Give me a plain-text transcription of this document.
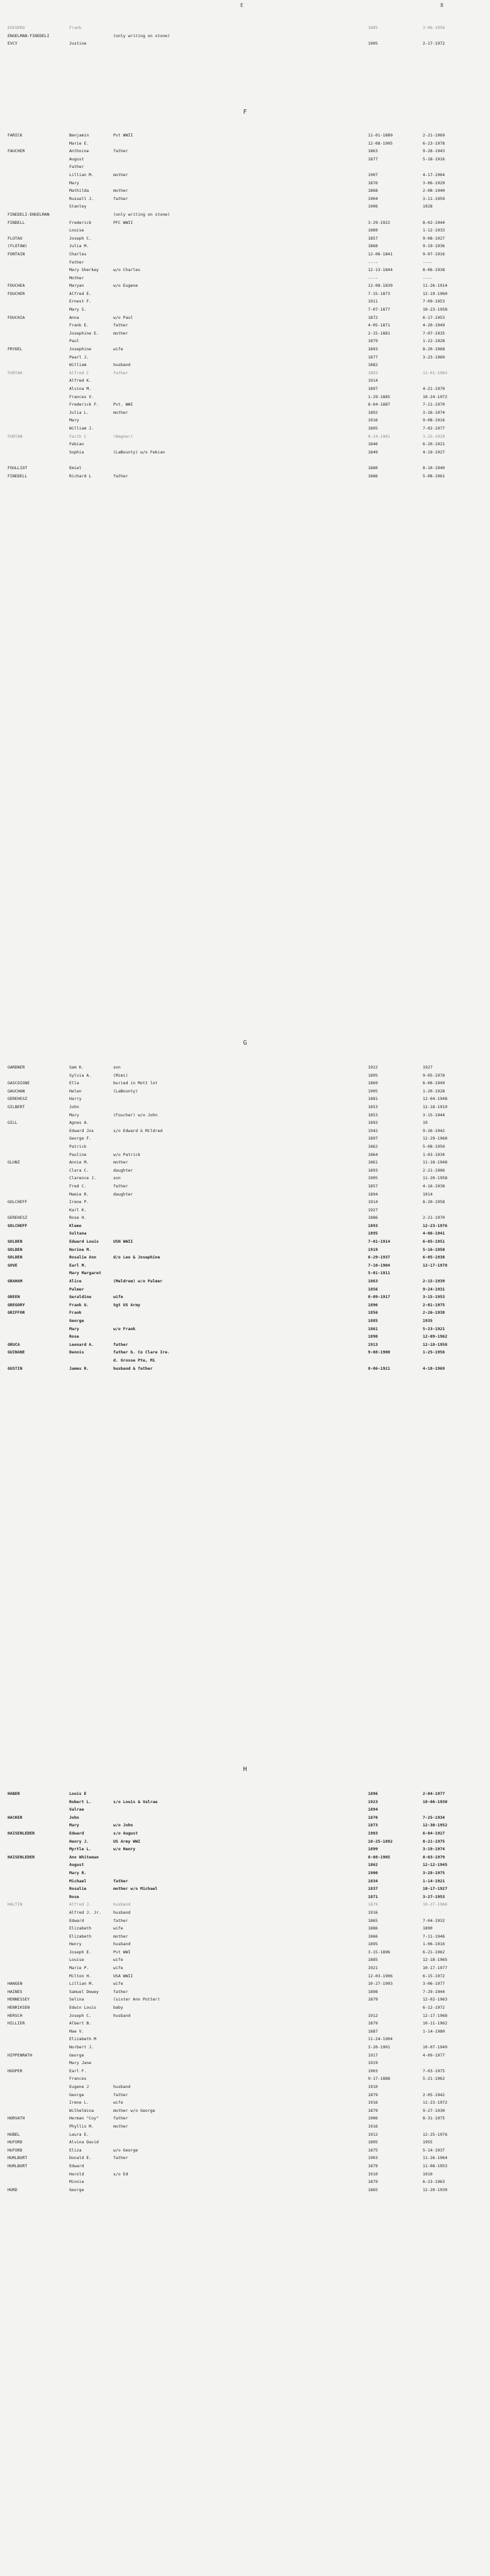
E	8
EGESKRO	Frank	1885	3-06-1958
ENGELMAN-FINEDELI	(only writing on stone)
EVCY	Justine	1905	2-17-1972
F
FARICK	Benjamin	Pvt WWII	11-01-1889	2-21-1969
Marie E.	12-08-1905	6-23-1978
FAUCHER	Anthoine	father	1863	9-28-1943
August	1877	5-18-1916
Father
Lillian M.	mother	1907	4-17-1964
Mary	1876	3-06-1929
Mathilda	mother	1868	2-08-1940
Russell J.	father	1904	3-11-1959
Stanley	1906	1928
FINEDELI-ENGELMAN	(only writing on stone)
FINDELL	Frederick	PFC WWII	3-29-1922	8-02-1944
Louise	1889	1-12-1933
FLOTAU	Joseph C.	1857	9-08-1927
(FLOTAW)	Julia M.	1868	9-19-1936
FONTAIN	Charles	12-06-1841	9-07-1916
Father	----	----
Mary Sherkey	w/o Charles	12-13-1844	8-06-1938
Mother	----	----
FOUCHEA	Maryan	w/o Eugene	12-08-1839	11-26-1914
FOUCHER	Alfred E.	7-15-1873	12-19-1960
Ernest F.	1911	7-09-1953
Mary S.	7-07-1877	10-23-1958
FOUCHIA	Anna	w/o Paul	1872	6-17-1953
Frank E.	father	4-05-1871	4-20-1949
Josephine E.	mother	2-15-1881	7-07-1935
Paul	1879	1-22-1928
FRYDEL	Josephine	wife	1893	8-20-1968
Pearl J.	1877	3-23-1960
William	husband	1882
FURTAH	Alfred C	father	1893	11-01-1963
Alfred K.	1914
Alvina M.	1897	4-21-1970
Frances V.	1-29-1885	10-24-1972
Frederick F.	Pvt. WWI	8-04-1887	7-11-1970
Julia L.	mother	1892	3-26-1974
Mary	1916	9-08-1916
William J.	1895	7-02-1977
FURTAN	Faith C	(Wagner)	8-24-1901	3-25-1929
Febian	1846	6-20-1921
Sophia	(LaBounty) w/o Febian	1849	4-19-1927
FOULLIOT	Emiel	1880	8-10-1940
FINEDELL	Richard L	father	1886	5-08-1961
G
GARDNER	Sam K.	son	1922	1927
Sylvia A.	(Mimi)	1895	9-05-1978
GASCOIGNE	Ella	buried in Mott lot	1869	6-06-1949
GAUCHAN	Helen	(LaBounty)	1905	1-20-1928
GEREHESZ	Harry	1881	12-04-1948
GILBERT	John	1853	12-18-1919
Mary	(Foucher) w/o John	1853	3-15-1944
GILL	Agnes A.	1893	19
Edward Jos	s/o Edward & Mildred	1942	9-26-1942
George F.	1897	12-29-1968
Patrick	1862	5-08-1950
Pauline	w/o Patrick	1864	1-03-1934
GLUNZ	Annie M.	mother	1861	11-18-1948
Clara C.	daughter	1893	2-21-1906
Clarence J.	son	1905	11-20-1958
Fred C.	father	1857	4-16-1938
Mamie R.	daughter	1894	1914
GOLCHEFF	Irene P.	1914	8-20-1958
Karl K.	1927
GEREHESZ	Rose H.	1886	2-21-1970
GOLCHEFF	Klemo	1893	12-23-1976
Sultana	1895	4-06-1941
GOLDEN	Edward Louis	USN WWII	7-01-1914	6-05-1951
GOLDEN	Norine M.	1919	5-16-1950
GOLDEN	Rosalie Ann	d/o Leo & Josephine	6-29-1937	6-05-1938
GOVE	Earl M.	7-10-1904	12-17-1978
Mary Margaret	5-01-1911
GRAHAM	Alice	(Meldrum) w/o Palmer	1863	2-15-1939
Palmer	1856	9-24-1931
GREEN	Geraldine	wife	8-09-1917	3-15-1953
GREGORY	Frank U.	Sgt US Army	1896	2-01-1975
GRIFFOR	Frank	1856	2-26-1938
George	1885	1935
Mary	w/o Frank	1861	5-23-1921
Rose	1890	12-09-1962
GRUCA	Leonard A.	father	1913	12-18-1958
GUINANE	Dennis	father b. Co Clare Ire.	9-08-1900	1-25-1956
d. Grosse Pte, Mi
GUSTIN	James R.	husband & father	8-06-1921	4-18-1969
H
HABER	Louis E	1896	2-04-1977
Robert L.	s/o Louis & Valrae	1923	10-06-1930
Valrae	1894
HACKER	John	1870	7-25-1934
Mary	w/o John	1873	12-30-1952
HAISENLEDER	Edward	s/o August	1903	6-04-1927
Henry J.	US Army WWI	10-25-1892	8-21-1975
Myrtle L.	w/o Henry	1899	3-19-1974
HAISENLEDER	Ann Whiteman	8-08-1905	8-03-1979
August	1862	12-12-1945
Mary R.	1900	3-28-1975
Michael	father	1834	1-14-1921
Rosalie	mother w/o Michael	1837	10-17-1927
Rose	1871	3-27-1953
HALTIN	Alfred J.	husband	1879	10-27-1966
Alfred J. Jr.	husband	1916
Edward	father	1865	7-04-1932
Elizabeth	wife	1886	1890
Elizabeth	mother	1866	7-11-1946
Henry	husband	1895	1-06-1916
Joseph E.	Pvt WWI	3-15-1896	6-21-1962
Louise	wife	1885	12-18-1965
Marie P.	wife	1921	10-17-1977
Milton H.	USA WWII	12-03-1906	6-15-1972
HANGEN	Lillian M.	wife	10-27-1903	3-06-1977
HAINES	Samuel Dewey	father	1898	7-29-1944
HENNESSEY	Selina	(sister Ann Potter)	1879	12-02-1963
HENRIKSEN	Edwin Louis	baby	6-12-1972
HERSCH	Joseph C.	husband	1912	12-17-1968
HILLIER	Albert B.	1879	10-11-1962
Mae V.	1887	1-14-1980
Elizabeth M	11-24-1904
Norbert J.	3-20-1901	10-07-1949
HIPPENRATH	George	1917	4-09-1977
Mary Jane	1919
HOOPER	Earl F.	1903	7-03-1975
Frances	9-17-1888	5-21-1962
Eugene J	husband	1910
George	father	1879	2-05-1942
Irene L.	wife	1916	11-23-1972
Wilhelmina	mother w/o George	1879	9-27-1930
HORVATH	Herman "Coy"	father	1906	8-31-1975
Phyllis M.	mother	1916
HUBEL	Laura E.	1912	12-25-1976
HUFORD	Alvina David	1895	1955
HUFORD	Eliza	w/o George	1875	5-14-1937
HURLBURT	Donald E.	father	1903	11-26-1964
HURLBURT	Edward	1879	11-08-1953
Harold	s/o Ed	1910	1910
Minnie	1879	6-23-1963
HURD	George	1865	12-20-1930
